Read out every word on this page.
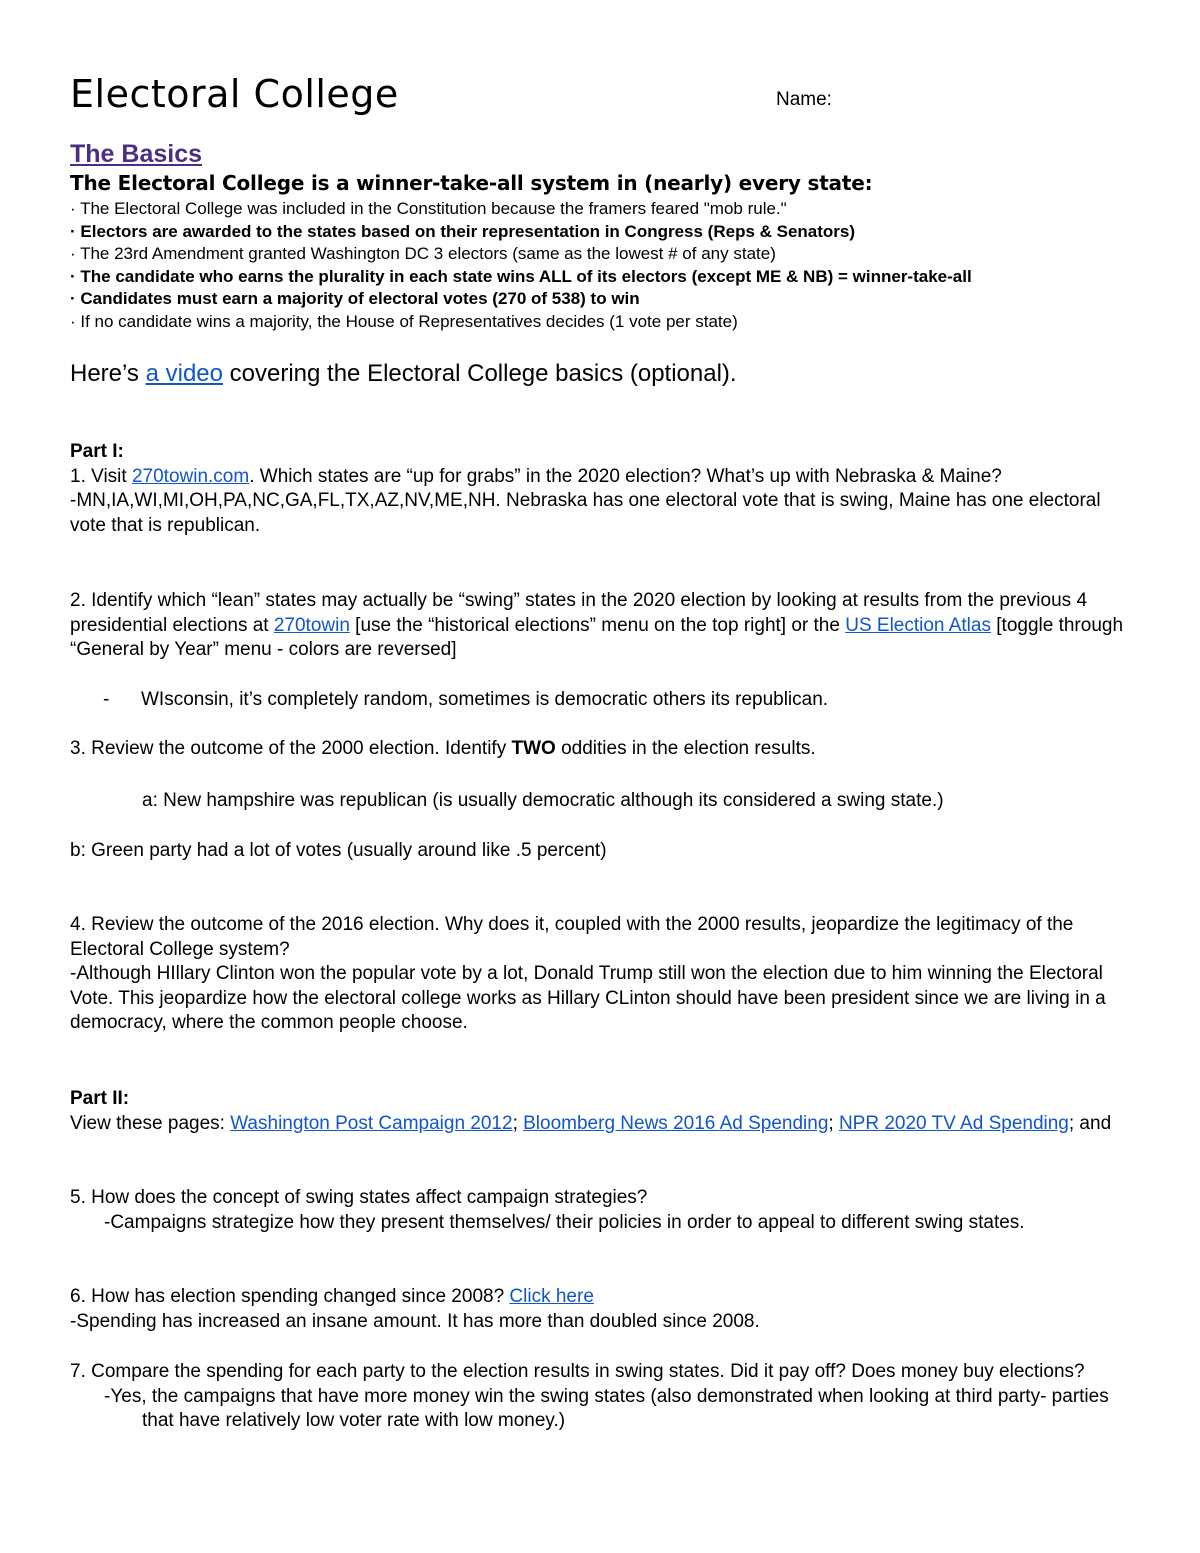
Electoral College	Name:
The Basics
The Electoral College is a winner-take-all system in (nearly) every state:
· The Electoral College was included in the Constitution because the framers feared "mob rule."
· Electors are awarded to the states based on their representation in Congress (Reps & Senators)
· The 23rd Amendment granted Washington DC 3 electors (same as the lowest # of any state)
· The candidate who earns the plurality in each state wins ALL of its electors (except ME & NB) = winner-take-all
· Candidates must earn a majority of electoral votes (270 of 538) to win
· If no candidate wins a majority, the House of Representatives decides (1 vote per state)
Here’s a video covering the Electoral College basics (optional).
Part I:
1. Visit 270towin.com. Which states are “up for grabs” in the 2020 election? What’s up with Nebraska & Maine?
-MN,IA,WI,MI,OH,PA,NC,GA,FL,TX,AZ,NV,ME,NH. Nebraska has one electoral vote that is swing, Maine has one electoral vote that is republican.
2. Identify which “lean” states may actually be “swing” states in the 2020 election by looking at results from the previous 4 presidential elections at 270towin [use the “historical elections” menu on the top right] or the US Election Atlas [toggle through “General by Year” menu - colors are reversed]
- WIsconsin, it’s completely random, sometimes is democratic others its republican.
3. Review the outcome of the 2000 election. Identify TWO oddities in the election results.
a: New hampshire was republican (is usually democratic although its considered a swing state.)
b: Green party had a lot of votes (usually around like .5 percent)
4. Review the outcome of the 2016 election. Why does it, coupled with the 2000 results, jeopardize the legitimacy of the Electoral College system?
-Although HIllary Clinton won the popular vote by a lot, Donald Trump still won the election due to him winning the Electoral Vote. This jeopardize how the electoral college works as Hillary CLinton should have been president since we are living in a democracy, where the common people choose.
Part II:
View these pages: Washington Post Campaign 2012; Bloomberg News 2016 Ad Spending; NPR 2020 TV Ad Spending; and
5. How does the concept of swing states affect campaign strategies?
-Campaigns strategize how they present themselves/ their policies in order to appeal to different swing states.
6. How has election spending changed since 2008? Click here
-Spending has increased an insane amount. It has more than doubled since 2008.
7. Compare the spending for each party to the election results in swing states. Did it pay off? Does money buy elections?
-Yes, the campaigns that have more money win the swing states (also demonstrated when looking at third party- parties that have relatively low voter rate with low money.)
